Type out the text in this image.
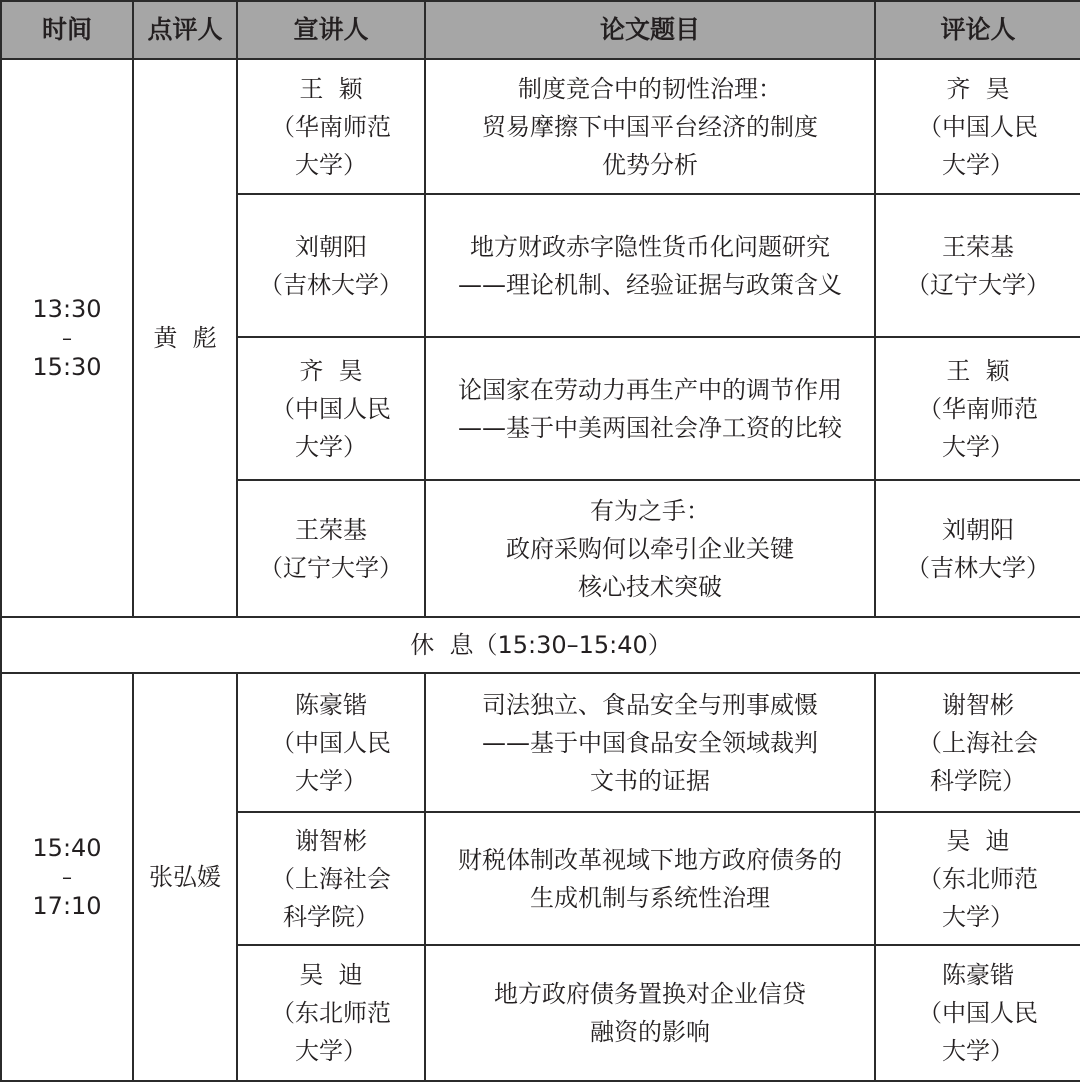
时间	点评人	宣讲人	论文题目	评论人

13:30
–
15:30	黄  彪	王  颖
（华南师范
大学）	制度竞合中的韧性治理：
贸易摩擦下中国平台经济的制度
优势分析	齐  昊
（中国人民
大学）

		刘朝阳
（吉林大学）	地方财政赤字隐性货币化问题研究
——理论机制、经验证据与政策含义	王荣基
（辽宁大学）

		齐  昊
（中国人民
大学）	论国家在劳动力再生产中的调节作用
——基于中美两国社会净工资的比较	王  颖
（华南师范
大学）

		王荣基
（辽宁大学）	有为之手：
政府采购何以牵引企业关键
核心技术突破	刘朝阳
（吉林大学）

休  息（15:30–15:40）				

15:40
–
17:10	张弘媛	陈豪锴
（中国人民
大学）	司法独立、食品安全与刑事威慑
——基于中国食品安全领域裁判
文书的证据	谢智彬
（上海社会
科学院）

		谢智彬
（上海社会
科学院）	财税体制改革视域下地方政府债务的
生成机制与系统性治理	吴  迪
（东北师范
大学）

		吴  迪
（东北师范
大学）	地方政府债务置换对企业信贷
融资的影响	陈豪锴
（中国人民
大学）
